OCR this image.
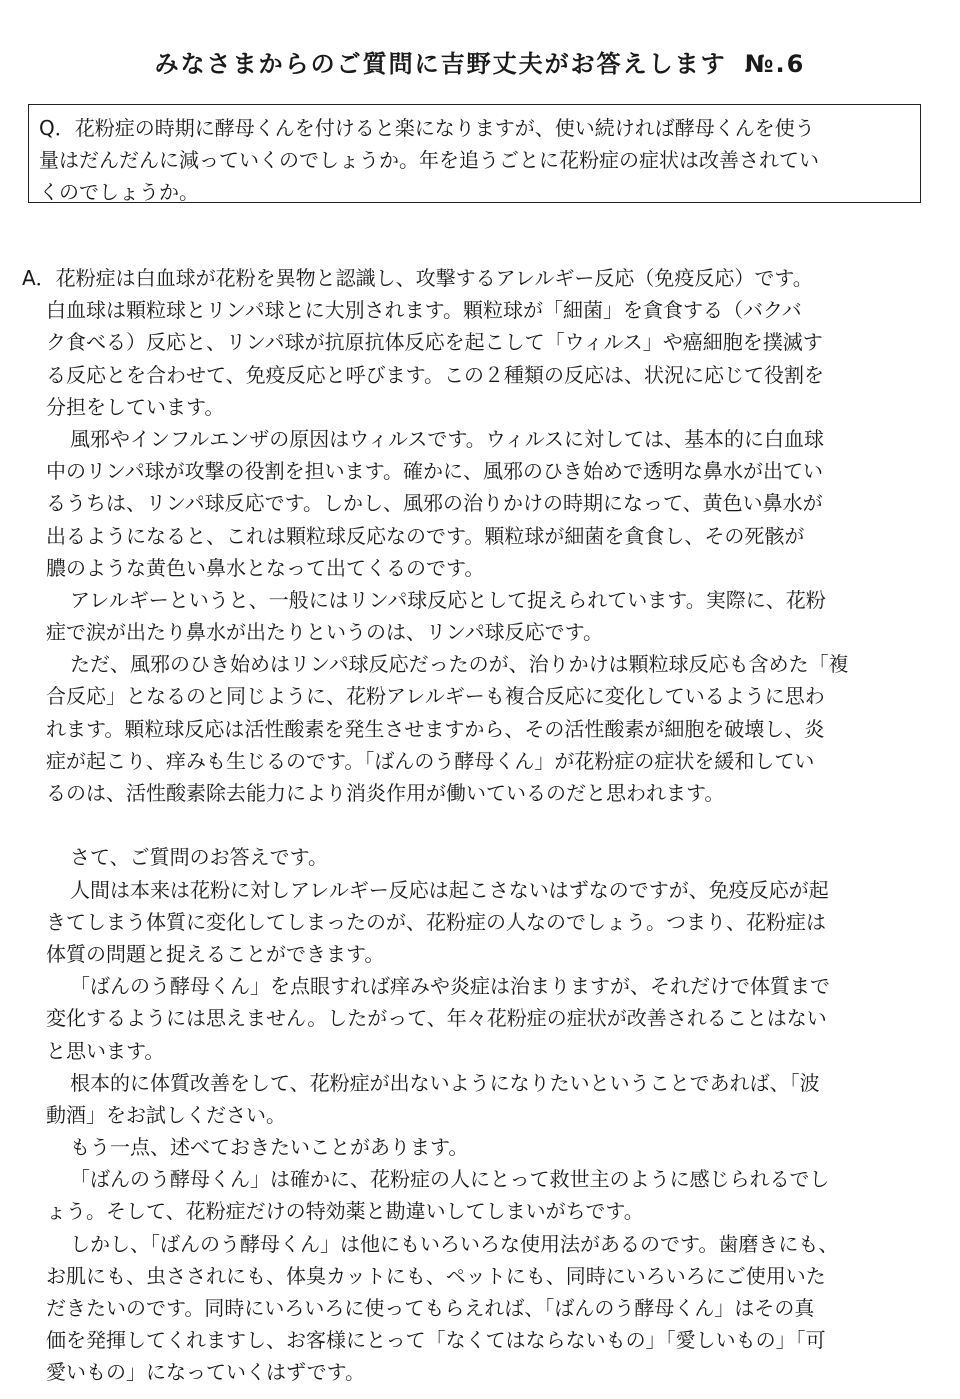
みなさまからのご質問に吉野丈夫がお答えします №.6
Q．花粉症の時期に酵母くんを付けると楽になりますが、使い続ければ酵母くんを使う
量はだんだんに減っていくのでしょうか。年を追うごとに花粉症の症状は改善されてい
くのでしょうか。
A．花粉症は白血球が花粉を異物と認識し、攻撃するアレルギー反応（免疫反応）です。
白血球は顆粒球とリンパ球とに大別されます。顆粒球が「細菌」を貪食する（バクバ
ク食べる）反応と、リンパ球が抗原抗体反応を起こして「ウィルス」や癌細胞を撲滅す
る反応とを合わせて、免疫反応と呼びます。この２種類の反応は、状況に応じて役割を
分担をしています。
風邪やインフルエンザの原因はウィルスです。ウィルスに対しては、基本的に白血球
中のリンパ球が攻撃の役割を担います。確かに、風邪のひき始めで透明な鼻水が出てい
るうちは、リンパ球反応です。しかし、風邪の治りかけの時期になって、黄色い鼻水が
出るようになると、これは顆粒球反応なのです。顆粒球が細菌を貪食し、その死骸が
膿のような黄色い鼻水となって出てくるのです。
アレルギーというと、一般にはリンパ球反応として捉えられています。実際に、花粉
症で涙が出たり鼻水が出たりというのは、リンパ球反応です。
ただ、風邪のひき始めはリンパ球反応だったのが、治りかけは顆粒球反応も含めた「複
合反応」となるのと同じように、花粉アレルギーも複合反応に変化しているように思わ
れます。顆粒球反応は活性酸素を発生させますから、その活性酸素が細胞を破壊し、炎
症が起こり、痒みも生じるのです。「ばんのう酵母くん」が花粉症の症状を緩和してい
るのは、活性酸素除去能力により消炎作用が働いているのだと思われます。
さて、ご質問のお答えです。
人間は本来は花粉に対しアレルギー反応は起こさないはずなのですが、免疫反応が起
きてしまう体質に変化してしまったのが、花粉症の人なのでしょう。つまり、花粉症は
体質の問題と捉えることができます。
「ばんのう酵母くん」を点眼すれば痒みや炎症は治まりますが、それだけで体質まで
変化するようには思えません。したがって、年々花粉症の症状が改善されることはない
と思います。
根本的に体質改善をして、花粉症が出ないようになりたいということであれば、「波
動酒」をお試しください。
もう一点、述べておきたいことがあります。
「ばんのう酵母くん」は確かに、花粉症の人にとって救世主のように感じられるでし
ょう。そして、花粉症だけの特効薬と勘違いしてしまいがちです。
しかし、「ばんのう酵母くん」は他にもいろいろな使用法があるのです。歯磨きにも、
お肌にも、虫さされにも、体臭カットにも、ペットにも、同時にいろいろにご使用いた
だきたいのです。同時にいろいろに使ってもらえれば、「ばんのう酵母くん」はその真
価を発揮してくれますし、お客様にとって「なくてはならないもの」「愛しいもの」「可
愛いもの」になっていくはずです。
